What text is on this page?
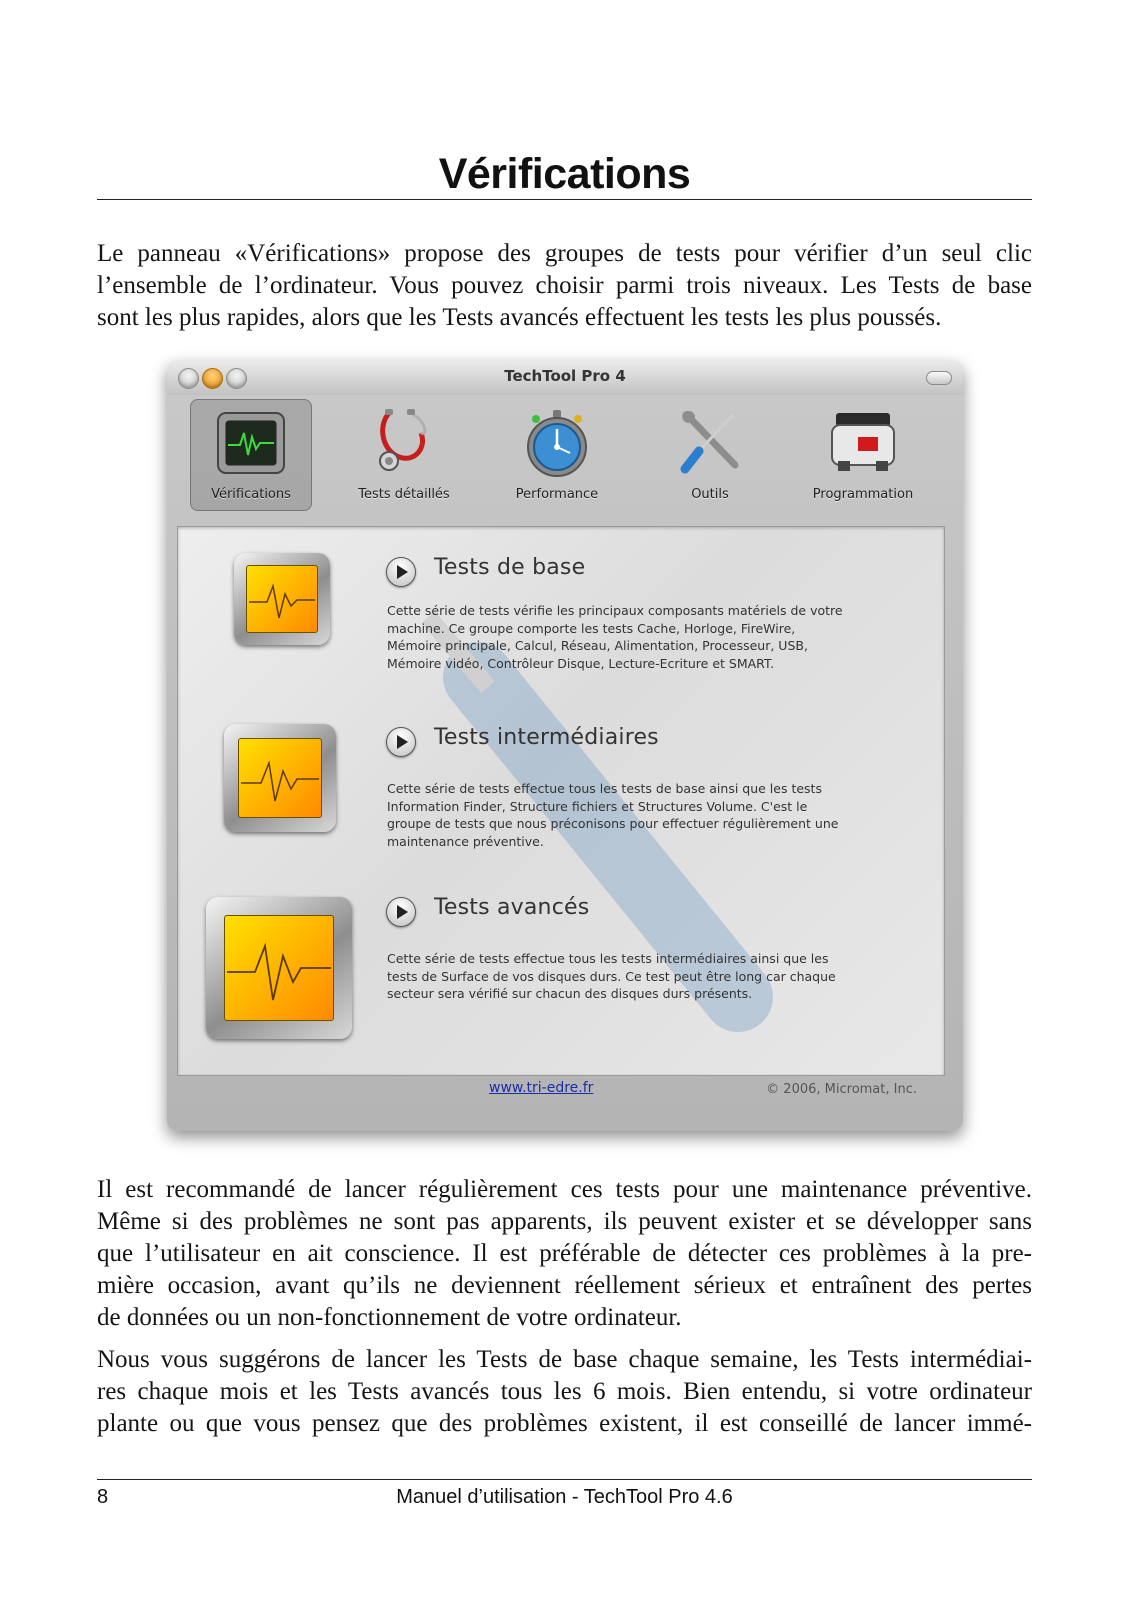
Vérifications

Le panneau «Vérifications» propose des groupes de tests pour vérifier d’un seul clic
l’ensemble de l’ordinateur. Vous pouvez choisir parmi trois niveaux. Les Tests de base
sont les plus rapides, alors que les Tests avancés effectuent les tests les plus poussés.

TechTool Pro 4
Vérifications	Tests détaillés	Performance	Outils	Programmation
Tests de base
Cette série de tests vérifie les principaux composants matériels de votre
machine. Ce groupe comporte les tests Cache, Horloge, FireWire,
Mémoire principale, Calcul, Réseau, Alimentation, Processeur, USB,
Mémoire vidéo, Contrôleur Disque, Lecture-Ecriture et SMART.
Tests intermédiaires
Cette série de tests effectue tous les tests de base ainsi que les tests
Information Finder, Structure fichiers et Structures Volume. C'est le
groupe de tests que nous préconisons pour effectuer régulièrement une
maintenance préventive.
Tests avancés
Cette série de tests effectue tous les tests intermédiaires ainsi que les
tests de Surface de vos disques durs. Ce test peut être long car chaque
secteur sera vérifié sur chacun des disques durs présents.
www.tri-edre.fr	© 2006, Micromat, Inc.

Il est recommandé de lancer régulièrement ces tests pour une maintenance préventive.
Même si des problèmes ne sont pas apparents, ils peuvent exister et se développer sans
que l’utilisateur en ait conscience. Il est préférable de détecter ces problèmes à la pre-
mière occasion, avant qu’ils ne deviennent réellement sérieux et entraînent des pertes
de données ou un non-fonctionnement de votre ordinateur.

Nous vous suggérons de lancer les Tests de base chaque semaine, les Tests intermédiai-
res chaque mois et les Tests avancés tous les 6 mois. Bien entendu, si votre ordinateur
plante ou que vous pensez que des problèmes existent, il est conseillé de lancer immé-

Manuel d’utilisation - TechTool Pro 4.6
8
